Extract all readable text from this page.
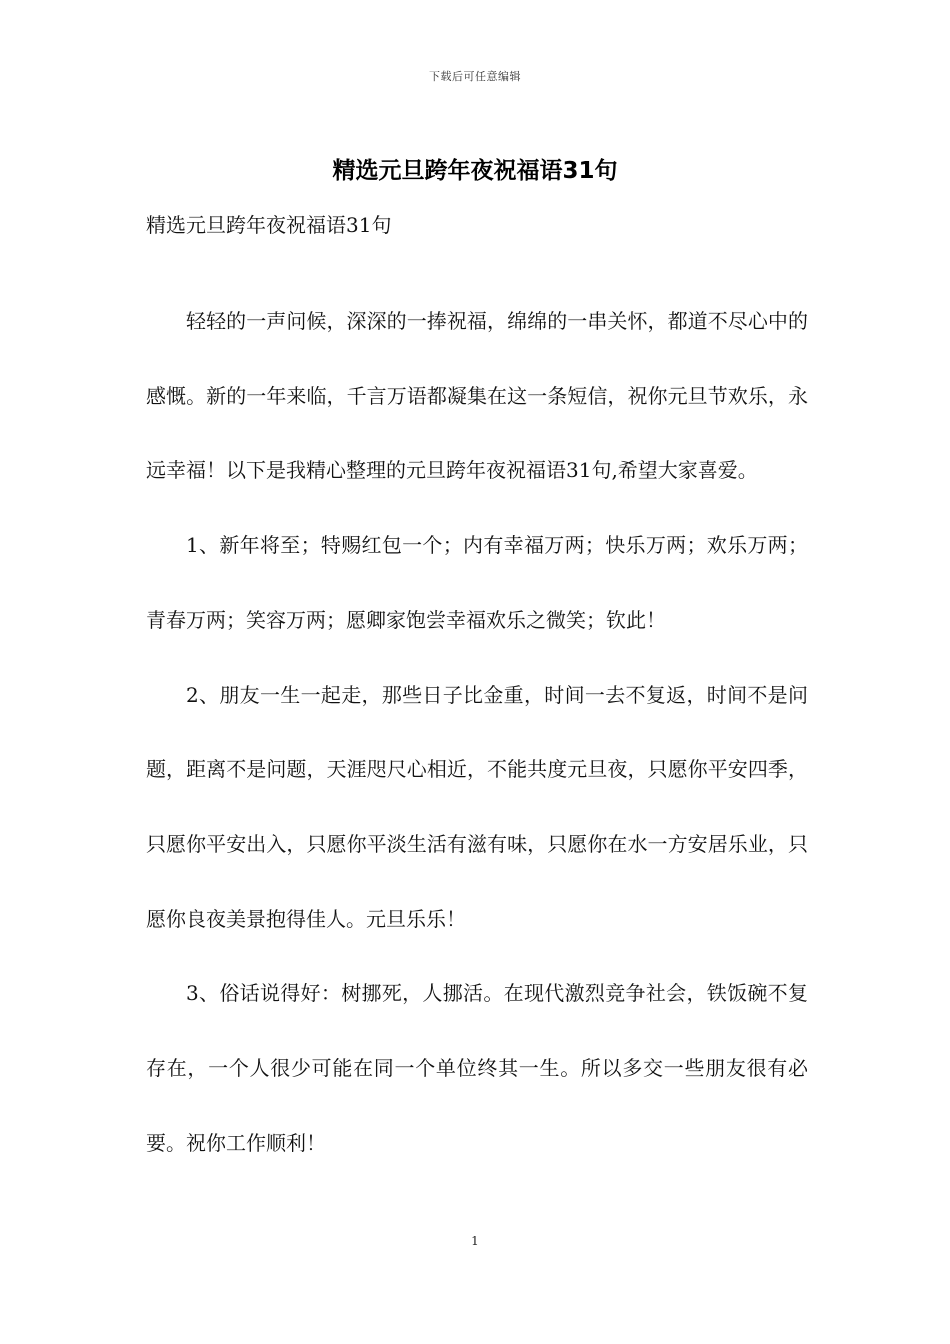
下载后可任意编辑
精选元旦跨年夜祝福语31句
精选元旦跨年夜祝福语31句

轻轻的一声问候，深深的一捧祝福，绵绵的一串关怀，都道不尽心中的感慨。新的一年来临，千言万语都凝集在这一条短信，祝你元旦节欢乐，永远幸福！以下是我精心整理的元旦跨年夜祝福语31句,希望大家喜爱。

1、新年将至；特赐红包一个；内有幸福万两；快乐万两；欢乐万两；青春万两；笑容万两；愿卿家饱尝幸福欢乐之微笑；钦此！

2、朋友一生一起走，那些日子比金重，时间一去不复返，时间不是问题，距离不是问题，天涯咫尺心相近，不能共度元旦夜，只愿你平安四季，只愿你平安出入，只愿你平淡生活有滋有味，只愿你在水一方安居乐业，只愿你良夜美景抱得佳人。元旦乐乐！

3、俗话说得好：树挪死，人挪活。在现代激烈竞争社会，铁饭碗不复存在，一个人很少可能在同一个单位终其一生。所以多交一些朋友很有必要。祝你工作顺利！

1
